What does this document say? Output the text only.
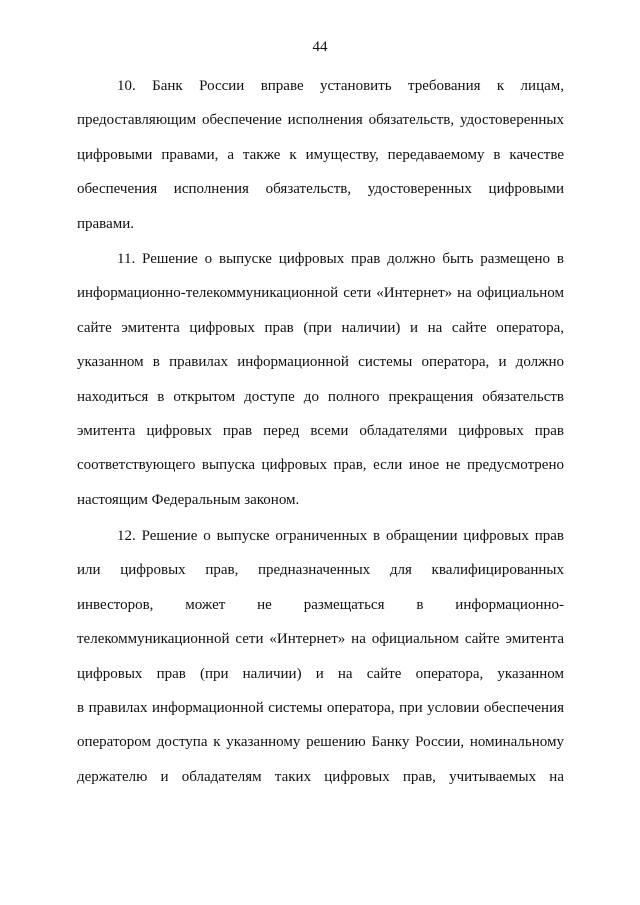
44
10. Банк России вправе установить требования к лицам,
предоставляющим обеспечение исполнения обязательств, удостоверенных
цифровыми правами, а также к имуществу, передаваемому в качестве
обеспечения исполнения обязательств, удостоверенных цифровыми
правами.
11. Решение о выпуске цифровых прав должно быть размещено в
информационно-телекоммуникационной сети «Интернет» на официальном
сайте эмитента цифровых прав (при наличии) и на сайте оператора,
указанном в правилах информационной системы оператора, и должно
находиться в открытом доступе до полного прекращения обязательств
эмитента цифровых прав перед всеми обладателями цифровых прав
соответствующего выпуска цифровых прав, если иное не предусмотрено
настоящим Федеральным законом.
12. Решение о выпуске ограниченных в обращении цифровых прав
или цифровых прав, предназначенных для квалифицированных
инвесторов, может не размещаться в информационно-
телекоммуникационной сети «Интернет» на официальном сайте эмитента
цифровых прав (при наличии) и на сайте оператора, указанном
в правилах информационной системы оператора, при условии обеспечения
оператором доступа к указанному решению Банку России, номинальному
держателю и обладателям таких цифровых прав, учитываемых на
